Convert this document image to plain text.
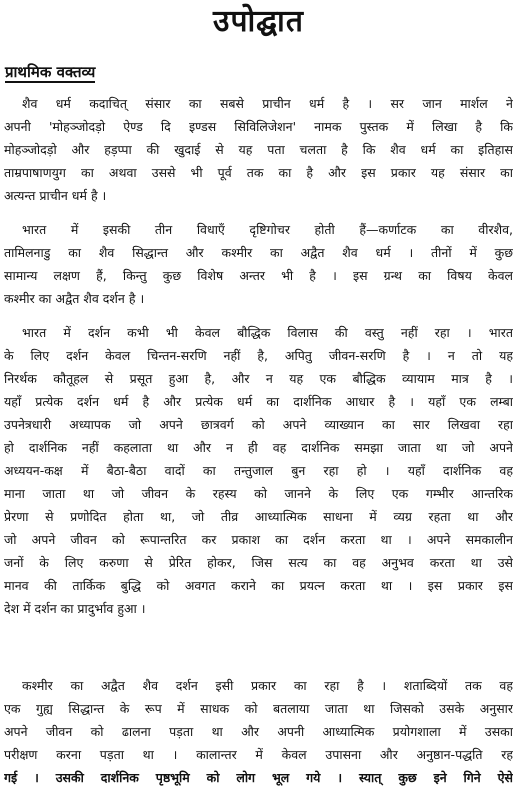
उपोद्घात
प्राथमिक वक्तव्य
शैव धर्म कदाचित् संसार का सबसे प्राचीन धर्म है । सर जान मार्शल ने
अपनी 'मोहञ्जोदड़ो ऐण्ड दि इण्डस सिविलिजेशन' नामक पुस्तक में लिखा है कि
मोहञ्जोदड़ो और हड़प्पा की खुदाई से यह पता चलता है कि शैव धर्म का इतिहास
ताम्रपाषाणयुग का अथवा उससे भी पूर्व तक का है और इस प्रकार यह संसार का
अत्यन्त प्राचीन धर्म है ।
भारत में इसकी तीन विधाएँ दृष्टिगोचर होती हैं—कर्णाटक का वीरशैव,
तामिलनाडु का शैव सिद्धान्त और कश्मीर का अद्वैत शैव धर्म । तीनों में कुछ
सामान्य लक्षण हैं, किन्तु कुछ विशेष अन्तर भी है । इस ग्रन्थ का विषय केवल
कश्मीर का अद्वैत शैव दर्शन है ।
भारत में दर्शन कभी भी केवल बौद्धिक विलास की वस्तु नहीं रहा । भारत
के लिए दर्शन केवल चिन्तन-सरणि नहीं है, अपितु जीवन-सरणि है । न तो यह
निरर्थक कौतूहल से प्रसूत हुआ है, और न यह एक बौद्धिक व्यायाम मात्र है ।
यहाँ प्रत्येक दर्शन धर्म है और प्रत्येक धर्म का दार्शनिक आधार है । यहाँ एक लम्बा
उपनेत्रधारी अध्यापक जो अपने छात्रवर्ग को अपने व्याख्यान का सार लिखवा रहा
हो दार्शनिक नहीं कहलाता था और न ही वह दार्शनिक समझा जाता था जो अपने
अध्ययन-कक्ष में बैठा-बैठा वादों का तन्तुजाल बुन रहा हो । यहाँ दार्शनिक वह
माना जाता था जो जीवन के रहस्य को जानने के लिए एक गम्भीर आन्तरिक
प्रेरणा से प्रणोदित होता था, जो तीव्र आध्यात्मिक साधना में व्यग्र रहता था और
जो अपने जीवन को रूपान्तरित कर प्रकाश का दर्शन करता था । अपने समकालीन
जनों के लिए करुणा से प्रेरित होकर, जिस सत्य का वह अनुभव करता था उसे
मानव की तार्किक बुद्धि को अवगत कराने का प्रयत्न करता था । इस प्रकार इस
देश में दर्शन का प्रादुर्भाव हुआ ।
कश्मीर का अद्वैत शैव दर्शन इसी प्रकार का रहा है । शताब्दियों तक वह
एक गुह्य सिद्धान्त के रूप में साधक को बतलाया जाता था जिसको उसके अनुसार
अपने जीवन को ढालना पड़ता था और अपनी आध्यात्मिक प्रयोगशाला में उसका
परीक्षण करना पड़ता था । कालान्तर में केवल उपासना और अनुष्ठान-पद्धति रह
गई । उसकी दार्शनिक पृष्ठभूमि को लोग भूल गये । स्यात् कुछ इने गिने ऐसे
